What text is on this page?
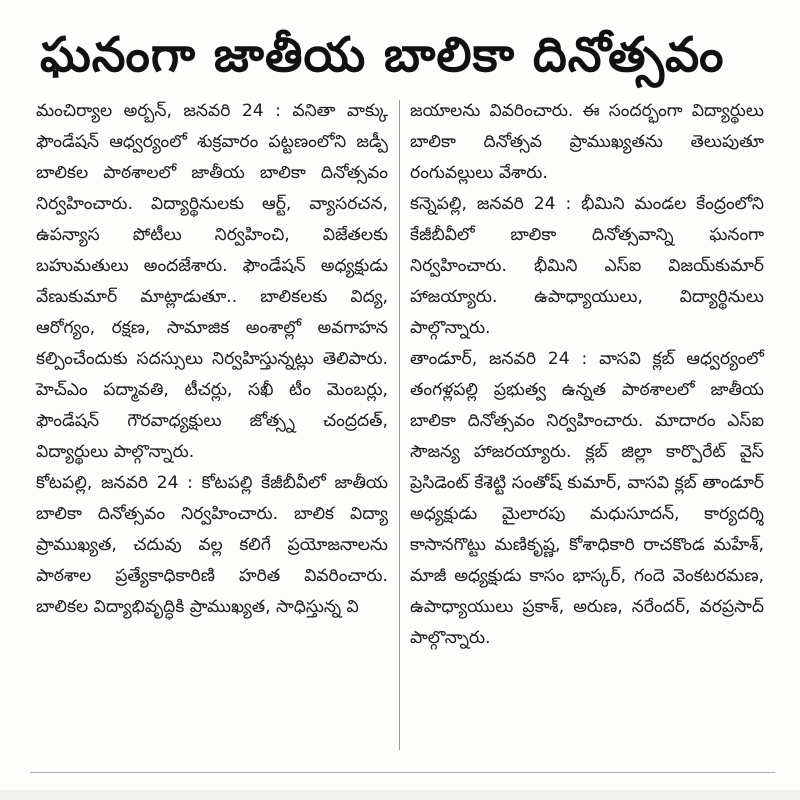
ఘనంగా జాతీయ బాలికా దినోత్సవం

మంచిర్యాల అర్బన్, జనవరి 24 : వనితా వాక్కు ఫౌండేషన్ ఆధ్వర్యంలో శుక్రవారం పట్టణంలోని జడ్పీ బాలికల పాఠశాలలో జాతీయ బాలికా దినోత్సవం నిర్వహించారు. విద్యార్థినులకు ఆర్ట్, వ్యాసరచన, ఉపన్యాస పోటీలు నిర్వహించి, విజేతలకు బహుమతులు అందజేశారు. ఫౌండేషన్ అధ్యక్షుడు వేణుకుమార్ మాట్లాడుతూ.. బాలికలకు విద్య, ఆరోగ్యం, రక్షణ, సామాజిక అంశాల్లో అవగాహన కల్పించేందుకు సదస్సులు నిర్వహిస్తున్నట్లు తెలిపారు. హెచ్ఎం పద్మావతి, టీచర్లు, సఖీ టీం మెంబర్లు, ఫౌండేషన్ గౌరవాధ్యక్షులు జోత్స్న చంద్రదత్, విద్యార్థులు పాల్గొన్నారు.

కోటపల్లి, జనవరి 24 : కోటపల్లి కేజీబీవీలో జాతీయ బాలికా దినోత్సవం నిర్వహించారు. బాలిక విద్యా ప్రాముఖ్యత, చదువు వల్ల కలిగే ప్రయోజనాలను పాఠశాల ప్రత్యేకాధికారిణి హరిత వివరించారు. బాలికల విద్యాభివృద్ధికి ప్రాముఖ్యత, సాధిస్తున్న వి

జయాలను వివరించారు. ఈ సందర్భంగా విద్యార్థులు బాలికా దినోత్సవ ప్రాముఖ్యతను తెలుపుతూ రంగువల్లులు వేశారు.

కన్నెపల్లి, జనవరి 24 : భీమిని మండల కేంద్రంలోని కేజీబీవీలో బాలికా దినోత్సవాన్ని ఘనంగా నిర్వహించారు. భీమిని ఎస్ఐ విజయ్‌కుమార్ హాజయ్యారు. ఉపాధ్యాయులు, విద్యార్థినులు పాల్గొన్నారు.

తాండూర్, జనవరి 24 : వాసవి క్లబ్ ఆధ్వర్యంలో తంగళ్లపల్లి ప్రభుత్వ ఉన్నత పాఠశాలలో జాతీయ బాలికా దినోత్సవం నిర్వహించారు. మాదారం ఎస్ఐ సౌజన్య హాజరయ్యారు. క్లబ్ జిల్లా కార్పొరేట్ వైస్ ప్రెసిడెంట్ కేశెట్టి సంతోష్ కుమార్, వాసవి క్లబ్ తాండూర్ అధ్యక్షుడు మైలారపు మధుసూదన్, కార్యదర్శి కాసానగొట్టు మణికృష్ణ, కోశాధికారి రాచకొండ మహేశ్, మాజీ అధ్యక్షుడు కాసం భాస్కర్, గందె వెంకటరమణ, ఉపాధ్యాయులు ప్రకాశ్, అరుణ, నరేందర్, వరప్రసాద్ పాల్గొన్నారు.
